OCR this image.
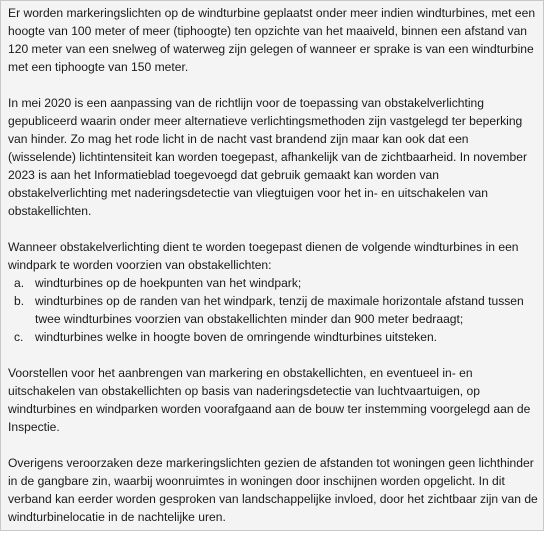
Er worden markeringslichten op de windturbine geplaatst onder meer indien windturbines, met een hoogte van 100 meter of meer (tiphoogte) ten opzichte van het maaiveld, binnen een afstand van 120 meter van een snelweg of waterweg zijn gelegen of wanneer er sprake is van een windturbine met een tiphoogte van 150 meter.

In mei 2020 is een aanpassing van de richtlijn voor de toepassing van obstakelverlichting gepubliceerd waarin onder meer alternatieve verlichtingsmethoden zijn vastgelegd ter beperking van hinder. Zo mag het rode licht in de nacht vast brandend zijn maar kan ook dat een (wisselende) lichtintensiteit kan worden toegepast, afhankelijk van de zichtbaarheid. In november 2023 is aan het Informatieblad toegevoegd dat gebruik gemaakt kan worden van obstakelverlichting met naderingsdetectie van vliegtuigen voor het in- en uitschakelen van obstakellichten.

Wanneer obstakelverlichting dient te worden toegepast dienen de volgende windturbines in een windpark te worden voorzien van obstakellichten:

a. windturbines op de hoekpunten van het windpark;
b. windturbines op de randen van het windpark, tenzij de maximale horizontale afstand tussen twee windturbines voorzien van obstakellichten minder dan 900 meter bedraagt;
c. windturbines welke in hoogte boven de omringende windturbines uitsteken.

Voorstellen voor het aanbrengen van markering en obstakellichten, en eventueel in- en uitschakelen van obstakellichten op basis van naderingsdetectie van luchtvaartuigen, op windturbines en windparken worden voorafgaand aan de bouw ter instemming voorgelegd aan de Inspectie.

Overigens veroorzaken deze markeringslichten gezien de afstanden tot woningen geen lichthinder in de gangbare zin, waarbij woonruimtes in woningen door inschijnen worden opgelicht. In dit verband kan eerder worden gesproken van landschappelijke invloed, door het zichtbaar zijn van de windturbinelocatie in de nachtelijke uren.
